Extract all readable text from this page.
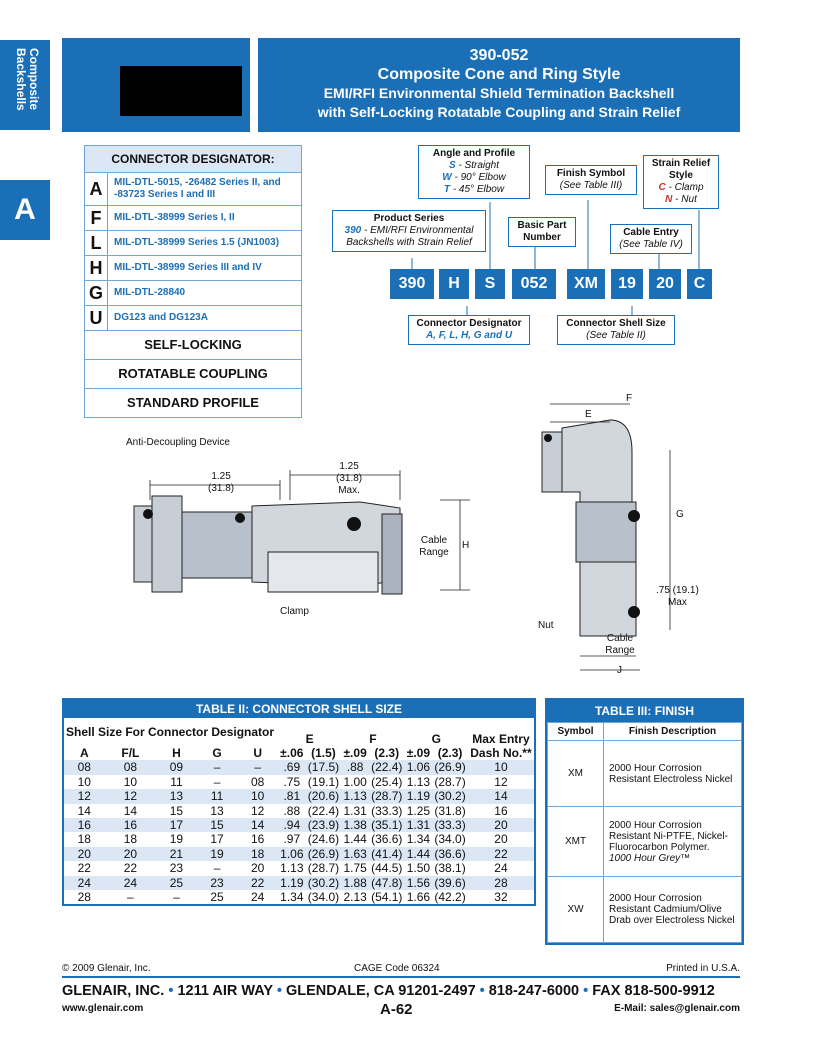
Composite
Backshells
A
390-052
Composite Cone and Ring Style
EMI/RFI Environmental Shield Termination Backshell
with Self-Locking Rotatable Coupling and Strain Relief
CONNECTOR DESIGNATOR:
A	MIL-DTL-5015, -26482 Series II, and -83723 Series I and III
F	MIL-DTL-38999 Series I, II
L	MIL-DTL-38999 Series 1.5 (JN1003)
H	MIL-DTL-38999 Series III and IV
G	MIL-DTL-28840
U	DG123 and DG123A
SELF-LOCKING
ROTATABLE COUPLING
STANDARD PROFILE
390	H	S	052	XM	19	20	C
Angle and Profile
S - Straight
W - 90° Elbow
T - 45° Elbow
Product Series
390 - EMI/RFI Environmental Backshells with Strain Relief
Basic Part Number
Finish Symbol
(See Table III)
Strain Relief Style
C - Clamp
N - Nut
Cable Entry
(See Table IV)
Connector Designator
A, F, L, H, G and U
Connector Shell Size
(See Table II)
Anti-Decoupling Device
1.25
(31.8)
1.25
(31.8)
Max.
Cable Range
H
Clamp
F
E
G
.75 (19.1)
Max
Nut
Cable Range
J
TABLE II: CONNECTOR SHELL SIZE
Shell Size For Connector Designator					E		F		G		Max Entry
A	F/L	H	G	U	±.06	(1.5)	±.09	(2.3)	±.09	(2.3)	Dash No.**
08	08	09	–	–	.69	(17.5)	.88	(22.4)	1.06	(26.9)	10
10	10	11	–	08	.75	(19.1)	1.00	(25.4)	1.13	(28.7)	12
12	12	13	11	10	.81	(20.6)	1.13	(28.7)	1.19	(30.2)	14
14	14	15	13	12	.88	(22.4)	1.31	(33.3)	1.25	(31.8)	16
16	16	17	15	14	.94	(23.9)	1.38	(35.1)	1.31	(33.3)	20
18	18	19	17	16	.97	(24.6)	1.44	(36.6)	1.34	(34.0)	20
20	20	21	19	18	1.06	(26.9)	1.63	(41.4)	1.44	(36.6)	22
22	22	23	–	20	1.13	(28.7)	1.75	(44.5)	1.50	(38.1)	24
24	24	25	23	22	1.19	(30.2)	1.88	(47.8)	1.56	(39.6)	28
28	–	–	25	24	1.34	(34.0)	2.13	(54.1)	1.66	(42.2)	32
TABLE III: FINISH
Symbol	Finish Description
XM	2000 Hour Corrosion Resistant Electroless Nickel
XMT	2000 Hour Corrosion Resistant Ni-PTFE, Nickel-Fluorocarbon Polymer.
1000 Hour Grey™
XW	2000 Hour Corrosion Resistant Cadmium/Olive Drab over Electroless Nickel
© 2009 Glenair, Inc.	CAGE Code 06324	Printed in U.S.A.
GLENAIR, INC. • 1211 AIR WAY • GLENDALE, CA 91201-2497 • 818-247-6000 • FAX 818-500-9912
www.glenair.com	A-62	E-Mail: sales@glenair.com
